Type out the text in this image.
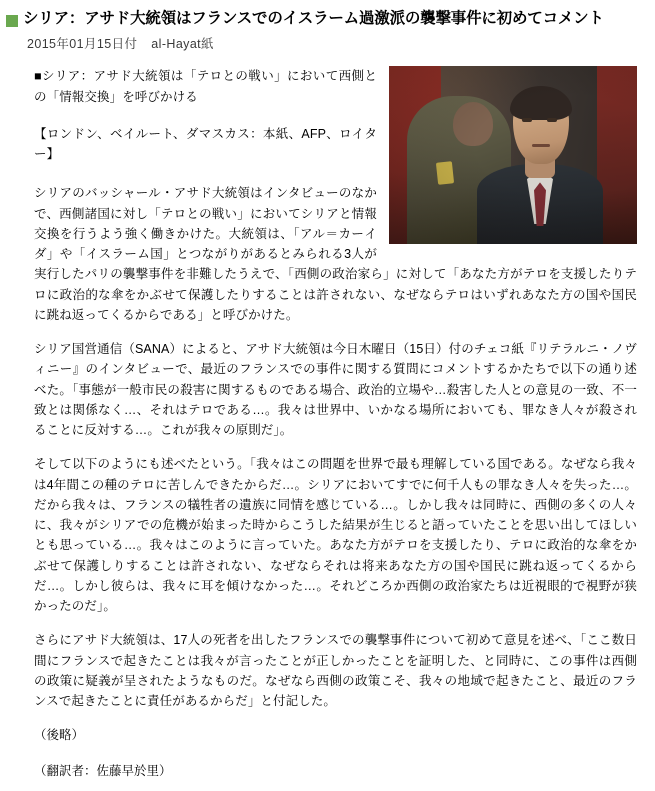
シリア：アサド大統領はフランスでのイスラーム過激派の襲撃事件に初めてコメント
2015年01月15日付 al-Hayat紙

■シリア：アサド大統領は「テロとの戦い」において西側との「情報交換」を呼びかける

【ロンドン、ベイルート、ダマスカス：本紙、AFP、ロイター】

シリアのバッシャール・アサド大統領はインタビューのなかで、西側諸国に対し「テロとの戦い」においてシリアと情報交換を行うよう強く働きかけた。大統領は、「アル＝カーイダ」や「イスラーム国」とつながりがあるとみられる3人が実行したパリの襲撃事件を非難したうえで、「西側の政治家ら」に対して「あなた方がテロを支援したりテロに政治的な傘をかぶせて保護したりすることは許されない、なぜならテロはいずれあなた方の国や国民に跳ね返ってくるからである」と呼びかけた。

シリア国営通信（SANA）によると、アサド大統領は今日木曜日（15日）付のチェコ紙『リテラルニ・ノヴィニー』のインタビューで、最近のフランスでの事件に関する質問にコメントするかたちで以下の通り述べた。「事態が一般市民の殺害に関するものである場合、政治的立場や…殺害した人との意見の一致、不一致とは関係なく…、それはテロである…。我々は世界中、いかなる場所においても、罪なき人々が殺されることに反対する…。これが我々の原則だ」。

そして以下のようにも述べたという。「我々はこの問題を世界で最も理解している国である。なぜなら我々は4年間この種のテロに苦しんできたからだ…。シリアにおいてすでに何千人もの罪なき人々を失った…。だから我々は、フランスの犠牲者の遺族に同情を感じている…。しかし我々は同時に、西側の多くの人々に、我々がシリアでの危機が始まった時からこうした結果が生じると語っていたことを思い出してほしいとも思っている…。我々はこのように言っていた。あなた方がテロを支援したり、テロに政治的な傘をかぶせて保護しりすることは許されない、なぜならそれは将来あなた方の国や国民に跳ね返ってくるからだ…。しかし彼らは、我々に耳を傾けなかった…。それどころか西側の政治家たちは近視眼的で視野が狭かったのだ」。

さらにアサド大統領は、17人の死者を出したフランスでの襲撃事件について初めて意見を述べ、「ここ数日間にフランスで起きたことは我々が言ったことが正しかったことを証明した、と同時に、この事件は西側の政策に疑義が呈されたようなものだ。なぜなら西側の政策こそ、我々の地域で起きたこと、最近のフランスで起きたことに責任があるからだ」と付記した。

（後略）
（翻訳者：佐藤早於里）
